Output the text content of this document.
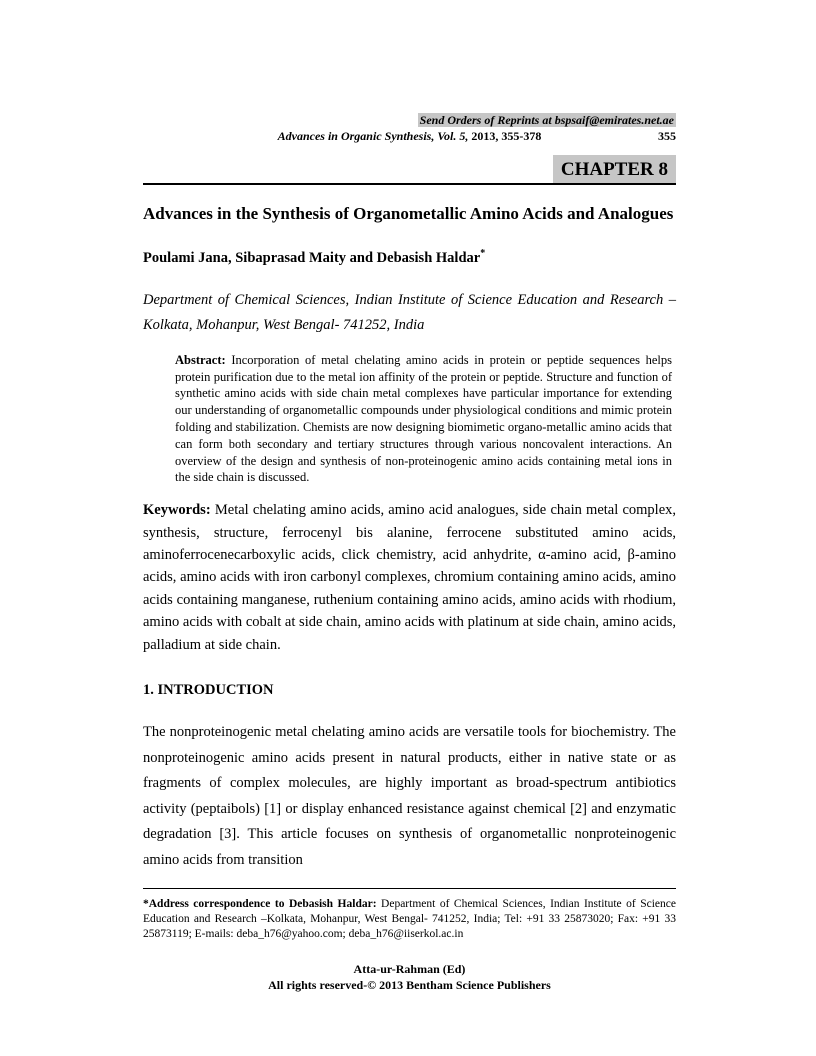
Send Orders of Reprints at bspsaif@emirates.net.ae
Advances in Organic Synthesis, Vol. 5, 2013, 355-378	355
CHAPTER 8
Advances in the Synthesis of Organometallic Amino Acids and Analogues
Poulami Jana, Sibaprasad Maity and Debasish Haldar*
Department of Chemical Sciences, Indian Institute of Science Education and Research –Kolkata, Mohanpur, West Bengal- 741252, India
Abstract: Incorporation of metal chelating amino acids in protein or peptide sequences helps protein purification due to the metal ion affinity of the protein or peptide. Structure and function of synthetic amino acids with side chain metal complexes have particular importance for extending our understanding of organometallic compounds under physiological conditions and mimic protein folding and stabilization. Chemists are now designing biomimetic organo-metallic amino acids that can form both secondary and tertiary structures through various noncovalent interactions. An overview of the design and synthesis of non-proteinogenic amino acids containing metal ions in the side chain is discussed.
Keywords: Metal chelating amino acids, amino acid analogues, side chain metal complex, synthesis, structure, ferrocenyl bis alanine, ferrocene substituted amino acids, aminoferrocenecarboxylic acids, click chemistry, acid anhydrite, α-amino acid, β-amino acids, amino acids with iron carbonyl complexes, chromium containing amino acids, amino acids containing manganese, ruthenium containing amino acids, amino acids with rhodium, amino acids with cobalt at side chain, amino acids with platinum at side chain, amino acids, palladium at side chain.
1. INTRODUCTION
The nonproteinogenic metal chelating amino acids are versatile tools for biochemistry. The nonproteinogenic amino acids present in natural products, either in native state or as fragments of complex molecules, are highly important as broad-spectrum antibiotics activity (peptaibols) [1] or display enhanced resistance against chemical [2] and enzymatic degradation [3]. This article focuses on synthesis of organometallic nonproteinogenic amino acids from transition
*Address correspondence to Debasish Haldar: Department of Chemical Sciences, Indian Institute of Science Education and Research –Kolkata, Mohanpur, West Bengal- 741252, India; Tel: +91 33 25873020; Fax: +91 33 25873119; E-mails: deba_h76@yahoo.com; deba_h76@iiserkol.ac.in
Atta-ur-Rahman (Ed)
All rights reserved-© 2013 Bentham Science Publishers
